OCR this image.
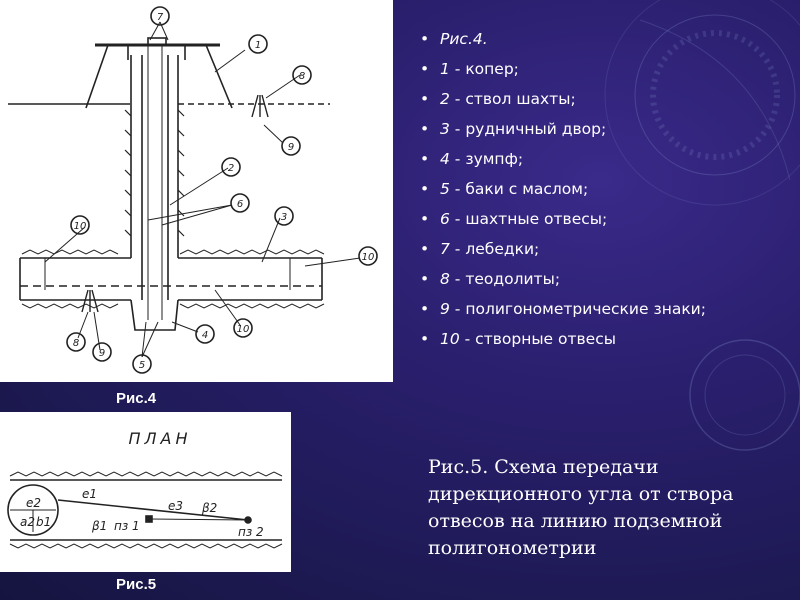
7
1
8
9
2
6
3
10
10
10
4
5
8
9
Рис.4
ПЛАН
e2
a2 b1
e1
e3
β1
β2
пз 1	пз 2
Рис.5
• Рис.4.
• 1 - копер;
• 2 - ствол шахты;
• 3 - рудничный двор;
• 4 - зумпф;
• 5 - баки с маслом;
• 6 - шахтные отвесы;
• 7 - лебедки;
• 8 - теодолиты;
• 9 - полигонометрические знаки;
• 10 - створные отвесы
Рис.5. Схема передачи дирекционного угла от створа отвесов на линию подземной полигонометрии
